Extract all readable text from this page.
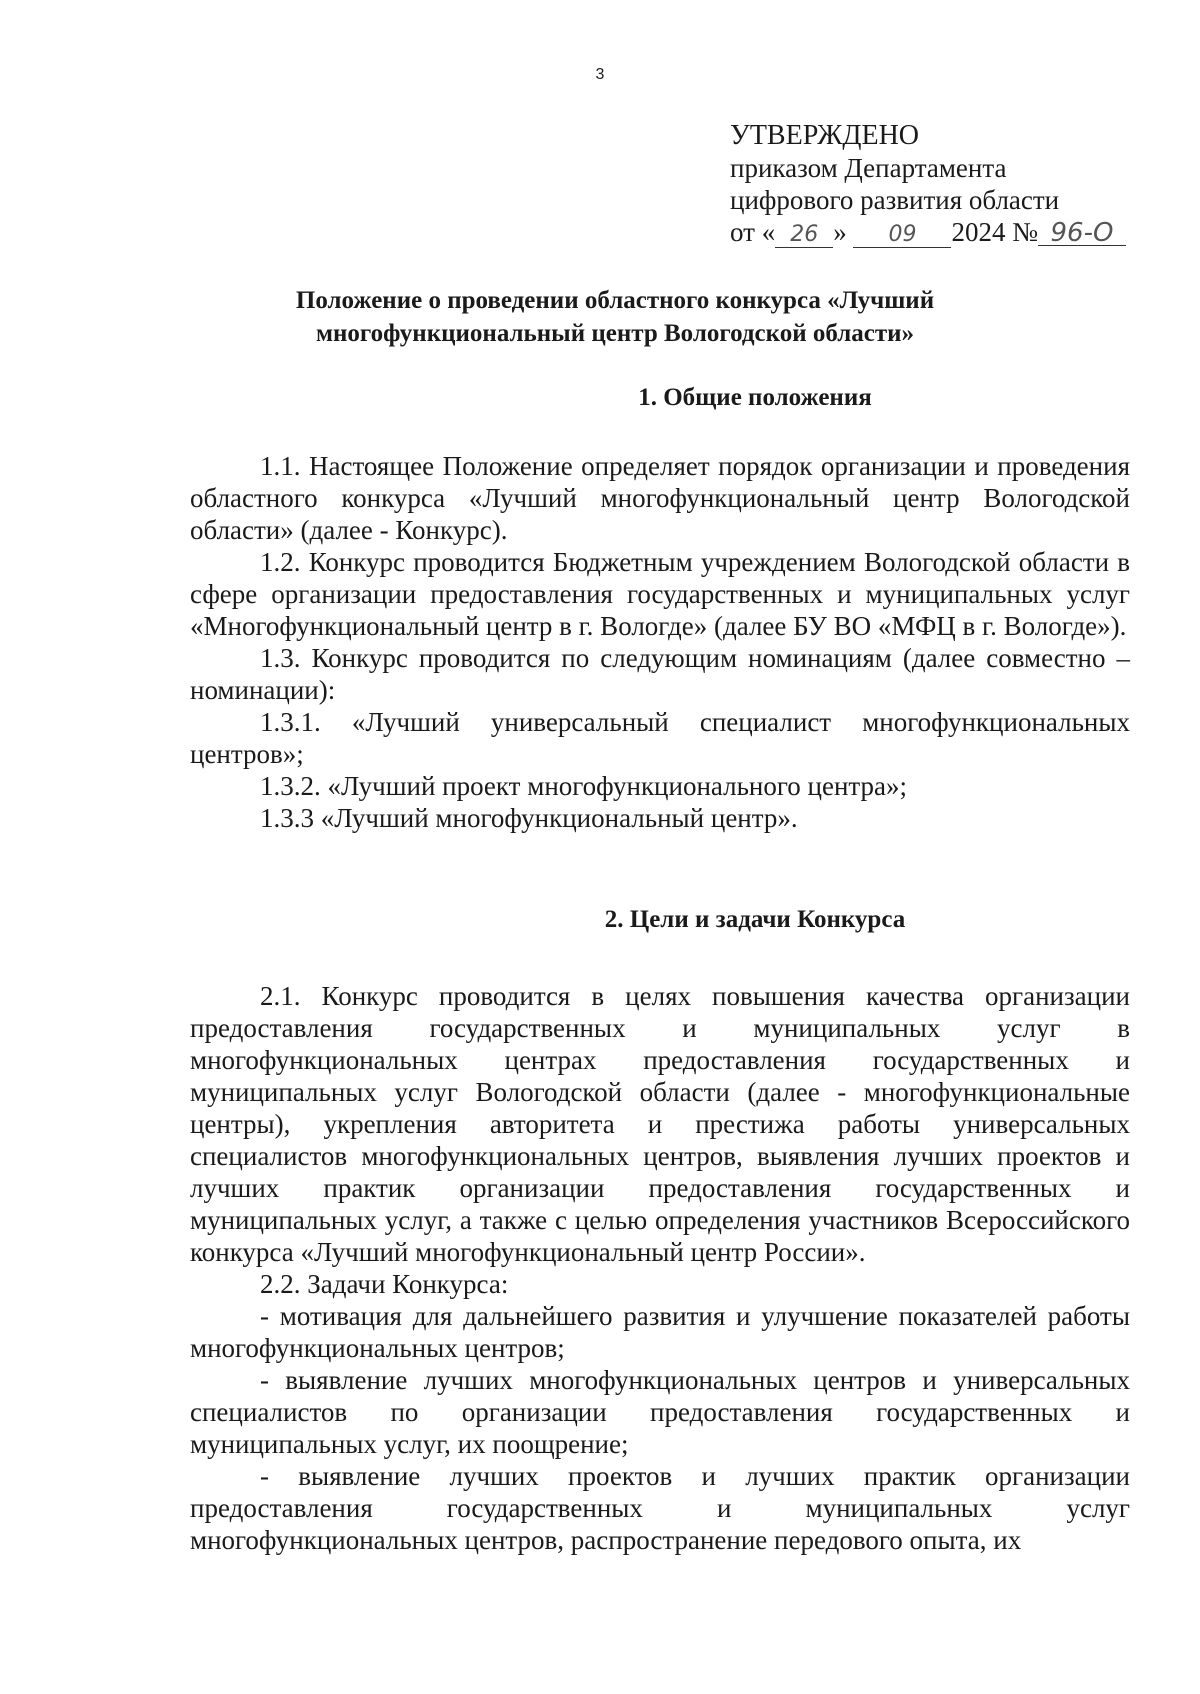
3
УТВЕРЖДЕНО
приказом Департамента
цифрового развития области
от « 26 » 09 2024 № 96-О
Положение о проведении областного конкурса «Лучший
многофункциональный центр Вологодской области»
1. Общие положения

1.1. Настоящее Положение определяет порядок организации и проведения областного конкурса «Лучший многофункциональный центр Вологодской области» (далее - Конкурс).

1.2. Конкурс проводится Бюджетным учреждением Вологодской области в сфере организации предоставления государственных и муниципальных услуг «Многофункциональный центр в г. Вологде» (далее БУ ВО «МФЦ в г. Вологде»).

1.3. Конкурс проводится по следующим номинациям (далее совместно – номинации):

1.3.1. «Лучший универсальный специалист многофункциональных центров»;

1.3.2. «Лучший проект многофункционального центра»;

1.3.3 «Лучший многофункциональный центр».

2. Цели и задачи Конкурса

2.1. Конкурс проводится в целях повышения качества организации предоставления государственных и муниципальных услуг в многофункциональных центрах предоставления государственных и муниципальных услуг Вологодской области (далее - многофункциональные центры), укрепления авторитета и престижа работы универсальных специалистов многофункциональных центров, выявления лучших проектов и лучших практик организации предоставления государственных и муниципальных услуг, а также с целью определения участников Всероссийского конкурса «Лучший многофункциональный центр России».

2.2. Задачи Конкурса:

- мотивация для дальнейшего развития и улучшение показателей работы многофункциональных центров;

- выявление лучших многофункциональных центров и универсальных специалистов по организации предоставления государственных и муниципальных услуг, их поощрение;

- выявление лучших проектов и лучших практик организации предоставления государственных и муниципальных услуг многофункциональных центров, распространение передового опыта, их
